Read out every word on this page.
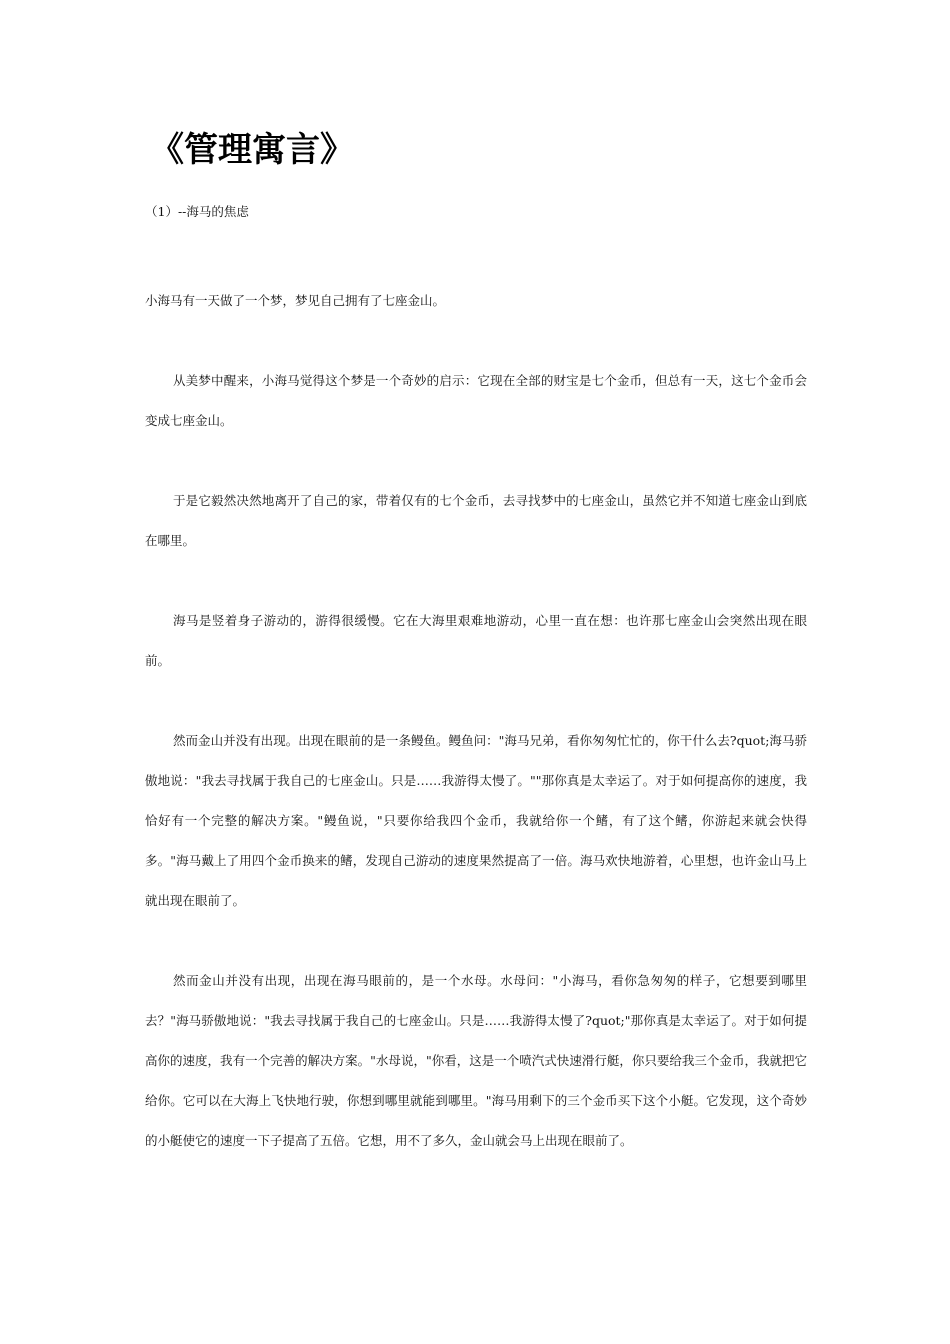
《管理寓言》

（1）--海马的焦虑

小海马有一天做了一个梦，梦见自己拥有了七座金山。

从美梦中醒来，小海马觉得这个梦是一个奇妙的启示：它现在全部的财宝是七个金币，但总有一天，这七个金币会变成七座金山。

于是它毅然决然地离开了自己的家，带着仅有的七个金币，去寻找梦中的七座金山，虽然它并不知道七座金山到底在哪里。

海马是竖着身子游动的，游得很缓慢。它在大海里艰难地游动，心里一直在想：也许那七座金山会突然出现在眼前。

然而金山并没有出现。出现在眼前的是一条鳗鱼。鳗鱼问："海马兄弟，看你匆匆忙忙的，你干什么去?quot;海马骄傲地说："我去寻找属于我自己的七座金山。只是……我游得太慢了。""那你真是太幸运了。对于如何提高你的速度，我恰好有一个完整的解决方案。"鳗鱼说，"只要你给我四个金币，我就给你一个鳍，有了这个鳍，你游起来就会快得多。"海马戴上了用四个金币换来的鳍，发现自己游动的速度果然提高了一倍。海马欢快地游着，心里想，也许金山马上就出现在眼前了。

然而金山并没有出现，出现在海马眼前的，是一个水母。水母问："小海马，看你急匆匆的样子，它想要到哪里去？"海马骄傲地说："我去寻找属于我自己的七座金山。只是……我游得太慢了?quot;"那你真是太幸运了。对于如何提高你的速度，我有一个完善的解决方案。"水母说，"你看，这是一个喷汽式快速滑行艇，你只要给我三个金币，我就把它给你。它可以在大海上飞快地行驶，你想到哪里就能到哪里。"海马用剩下的三个金币买下这个小艇。它发现，这个奇妙的小艇使它的速度一下子提高了五倍。它想，用不了多久，金山就会马上出现在眼前了。
